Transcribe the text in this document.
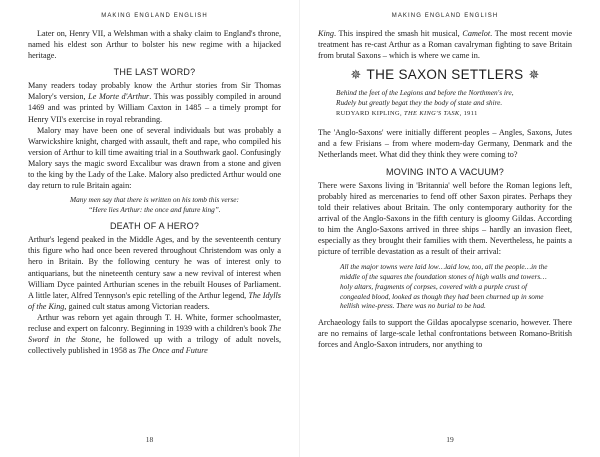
MAKING ENGLAND ENGLISH

Later on, Henry VII, a Welshman with a shaky claim to England's throne, named his eldest son Arthur to bolster his new regime with a hijacked heritage.

THE LAST WORD?

Many readers today probably know the Arthur stories from Sir Thomas Malory's version, Le Morte d'Arthur. This was possibly compiled in around 1469 and was printed by William Caxton in 1485 – a timely prompt for Henry VII's exercise in royal rebranding.

Malory may have been one of several individuals but was probably a Warwickshire knight, charged with assault, theft and rape, who compiled his version of Arthur to kill time awaiting trial in a Southwark gaol. Confusingly Malory says the magic sword Excalibur was drawn from a stone and given to the king by the Lady of the Lake. Malory also predicted Arthur would one day return to rule Britain again:

Many men say that there is written on his tomb this verse:
“Here lies Arthur: the once and future king”.
DEATH OF A HERO?

Arthur's legend peaked in the Middle Ages, and by the seventeenth century this figure who had once been revered throughout Christendom was only a hero in Britain. By the following century he was of interest only to antiquarians, but the nineteenth century saw a new revival of interest when William Dyce painted Arthurian scenes in the rebuilt Houses of Parliament. A little later, Alfred Tennyson's epic retelling of the Arthur legend, The Idylls of the King, gained cult status among Victorian readers.

Arthur was reborn yet again through T. H. White, former schoolmaster, recluse and expert on falconry. Beginning in 1939 with a children's book The Sword in the Stone, he followed up with a trilogy of adult novels, collectively published in 1958 as The Once and Future

18
MAKING ENGLAND ENGLISH

King. This inspired the smash hit musical, Camelot. The most recent movie treatment has re-cast Arthur as a Roman cavalryman fighting to save Britain from brutal Saxons – which is where we came in.

✵ THE SAXON SETTLERS ✵
Behind the feet of the Legions and before the Northmen's ire,
Rudely but greatly begat they the body of state and shire.
RUDYARD KIPLING, THE KING'S TASK, 1911

The 'Anglo-Saxons' were initially different peoples – Angles, Saxons, Jutes and a few Frisians – from where modern-day Germany, Denmark and the Netherlands meet. What did they think they were coming to?

MOVING INTO A VACUUM?

There were Saxons living in 'Britannia' well before the Roman legions left, probably hired as mercenaries to fend off other Saxon pirates. Perhaps they told their relatives about Britain. The only contemporary authority for the arrival of the Anglo-Saxons in the fifth century is gloomy Gildas. According to him the Anglo-Saxons arrived in three ships – hardly an invasion fleet, especially as they brought their families with them. Nevertheless, he paints a picture of terrible devastation as a result of their arrival:

All the major towns were laid low…laid low, too, all the people…in the middle of the squares the foundation stones of high walls and towers…holy altars, fragments of corpses, covered with a purple crust of congealed blood, looked as though they had been churned up in some hellish wine-press. There was no burial to be had.

Archaeology fails to support the Gildas apocalypse scenario, however. There are no remains of large-scale lethal confrontations between Romano-British forces and Anglo-Saxon intruders, nor anything to

19
